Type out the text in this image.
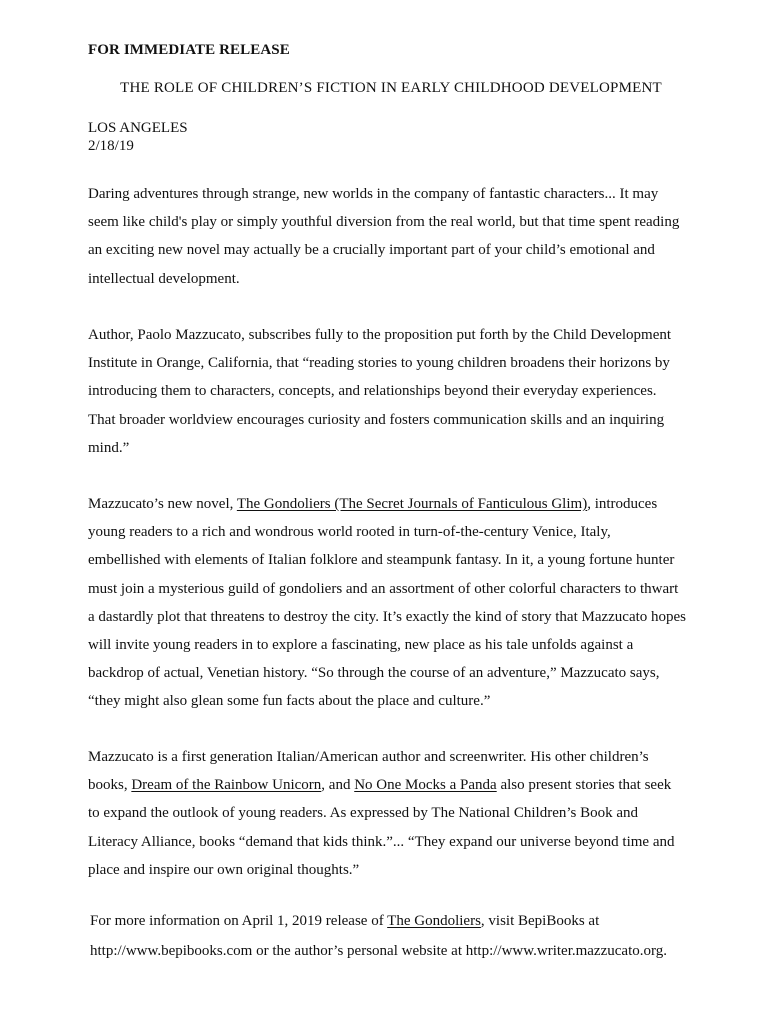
FOR IMMEDIATE RELEASE
THE ROLE OF CHILDREN’S FICTION IN EARLY CHILDHOOD DEVELOPMENT
LOS ANGELES
2/18/19

Daring adventures through strange, new worlds in the company of fantastic characters... It may
seem like child's play or simply youthful diversion from the real world, but that time spent reading
an exciting new novel may actually be a crucially important part of your child’s emotional and
intellectual development.

Author, Paolo Mazzucato, subscribes fully to the proposition put forth by the Child Development
Institute in Orange, California, that “reading stories to young children broadens their horizons by
introducing them to characters, concepts, and relationships beyond their everyday experiences.
That broader worldview encourages curiosity and fosters communication skills and an inquiring
mind.”

Mazzucato’s new novel, The Gondoliers (The Secret Journals of Fanticulous Glim), introduces
young readers to a rich and wondrous world rooted in turn-of-the-century Venice, Italy,
embellished with elements of Italian folklore and steampunk fantasy. In it, a young fortune hunter
must join a mysterious guild of gondoliers and an assortment of other colorful characters to thwart
a dastardly plot that threatens to destroy the city. It’s exactly the kind of story that Mazzucato hopes
will invite young readers in to explore a fascinating, new place as his tale unfolds against a
backdrop of actual, Venetian history. “So through the course of an adventure,” Mazzucato says,
“they might also glean some fun facts about the place and culture.”

Mazzucato is a first generation Italian/American author and screenwriter. His other children’s
books, Dream of the Rainbow Unicorn, and No One Mocks a Panda also present stories that seek
to expand the outlook of young readers. As expressed by The National Children’s Book and
Literacy Alliance, books “demand that kids think.”... “They expand our universe beyond time and
place and inspire our own original thoughts.”

For more information on April 1, 2019 release of The Gondoliers, visit BepiBooks at
http://www.bepibooks.com or the author’s personal website at http://www.writer.mazzucato.org.
